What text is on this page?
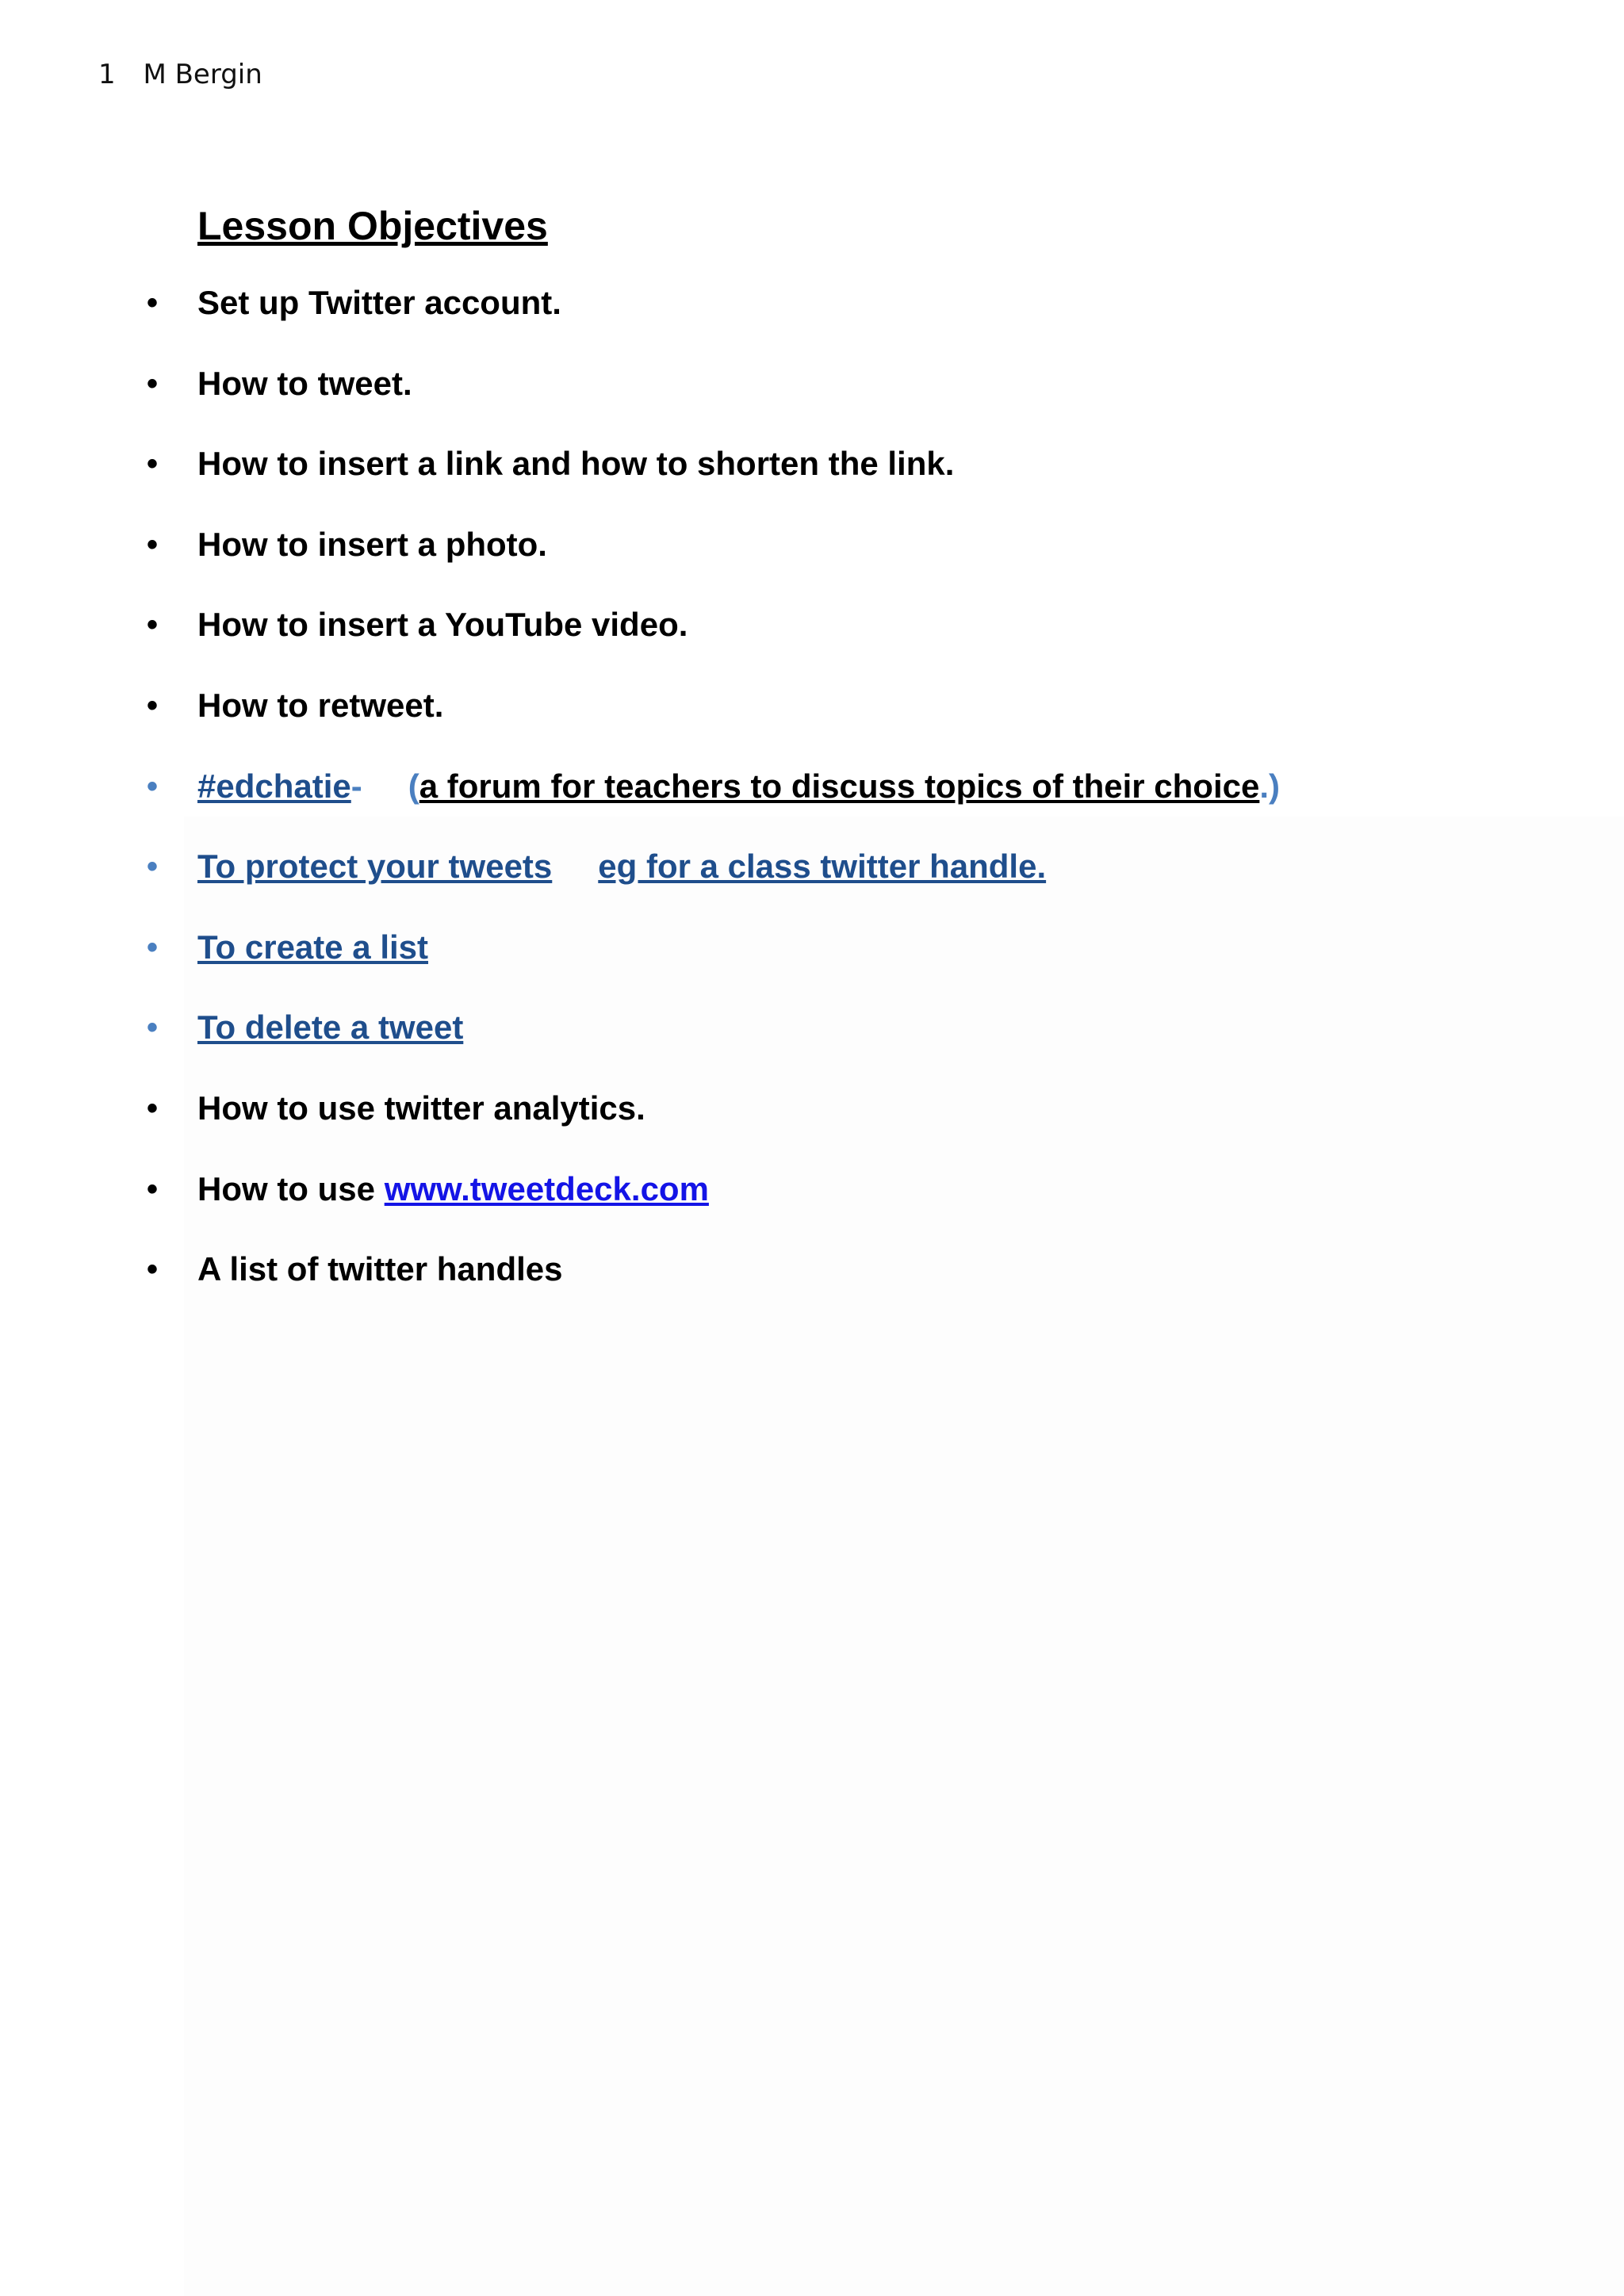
1 M Bergin
Lesson Objectives
• Set up Twitter account.
• How to tweet.
• How to insert a link and how to shorten the link.
• How to insert a photo.
• How to insert a YouTube video.
• How to retweet.
• #edchatie- (a forum for teachers to discuss topics of their choice.)
• To protect your tweets eg for a class twitter handle.
• To create a list
• To delete a tweet
• How to use twitter analytics.
• How to use www.tweetdeck.com
• A list of twitter handles
